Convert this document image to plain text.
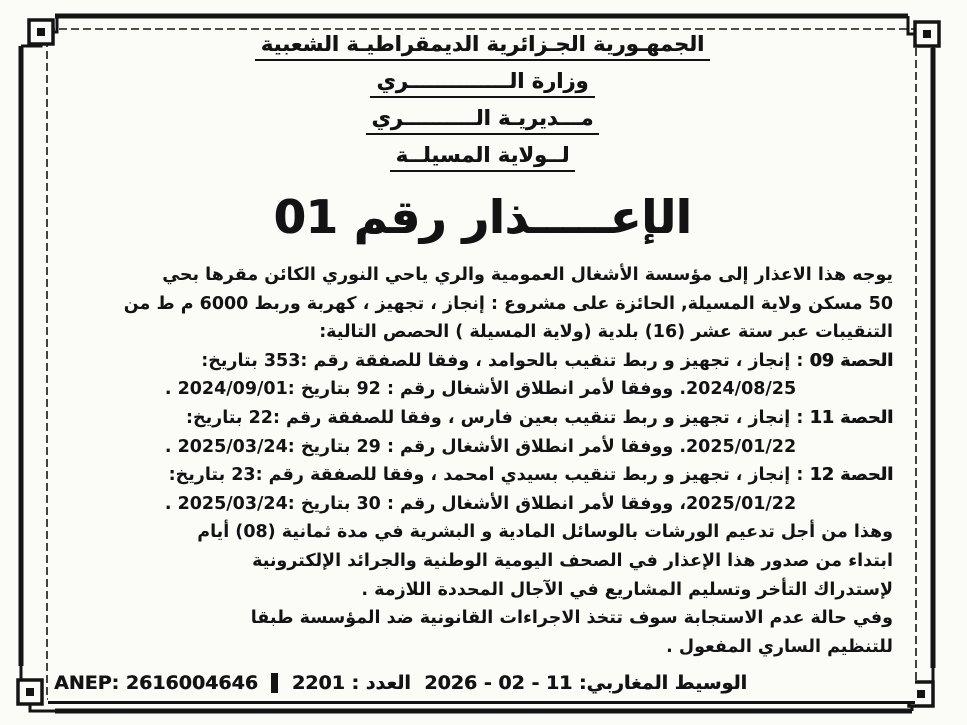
الجمهـورية الجـزائرية الديمقراطيـة الشعبية

وزارة الــــــــــــــري

مـــديريـة الــــــــــري

لــولاية المسيلــة

الإعـــــذار رقم 01

يوجه هذا الاعذار إلى مؤسسة الأشغال العمومية والري ياحي النوري الكائن مقرها بحي

50 مسكن ولاية المسيلة, الحائزة على مشروع : إنجاز ، تجهيز ، كهربة وربط 6000 م ط من

التنقيبات عبر ستة عشر (16) بلدية (ولاية المسيلة ) الحصص التالية:

الحصة 09 : إنجاز ، تجهيز و ربط تنقيب بالحوامد ، وفقا للصفقة رقم :353 بتاريخ:

2024/08/25. ووفقا لأمر انطلاق الأشغال رقم : 92 بتاريخ :2024/09/01 .

الحصة 11 : إنجاز ، تجهيز و ربط تنقيب بعين فارس ، وفقا للصفقة رقم :22 بتاريخ:

2025/01/22. ووفقا لأمر انطلاق الأشغال رقم : 29 بتاريخ :2025/03/24 .

الحصة 12 : إنجاز ، تجهيز و ربط تنقيب بسيدي امحمد ، وفقا للصفقة رقم :23 بتاريخ:

2025/01/22، ووفقا لأمر انطلاق الأشغال رقم : 30 بتاريخ :2025/03/24 .

وهذا من أجل تدعيم الورشات بالوسائل المادية و البشرية في مدة ثمانية (08) أيام

ابتداء من صدور هذا الإعذار في الصحف اليومية الوطنية والجرائد الإلكترونية

لإستدراك التأخر وتسليم المشاريع في الآجال المحددة اللازمة .

وفي حالة عدم الاستجابة سوف تتخذ الاجراءات القانونية ضد المؤسسة طبقا

للتنظيم الساري المفعول .

الوسيط المغاربي: 11 - 02 - 2026
العدد : 2201
ANEP: 2616004646
